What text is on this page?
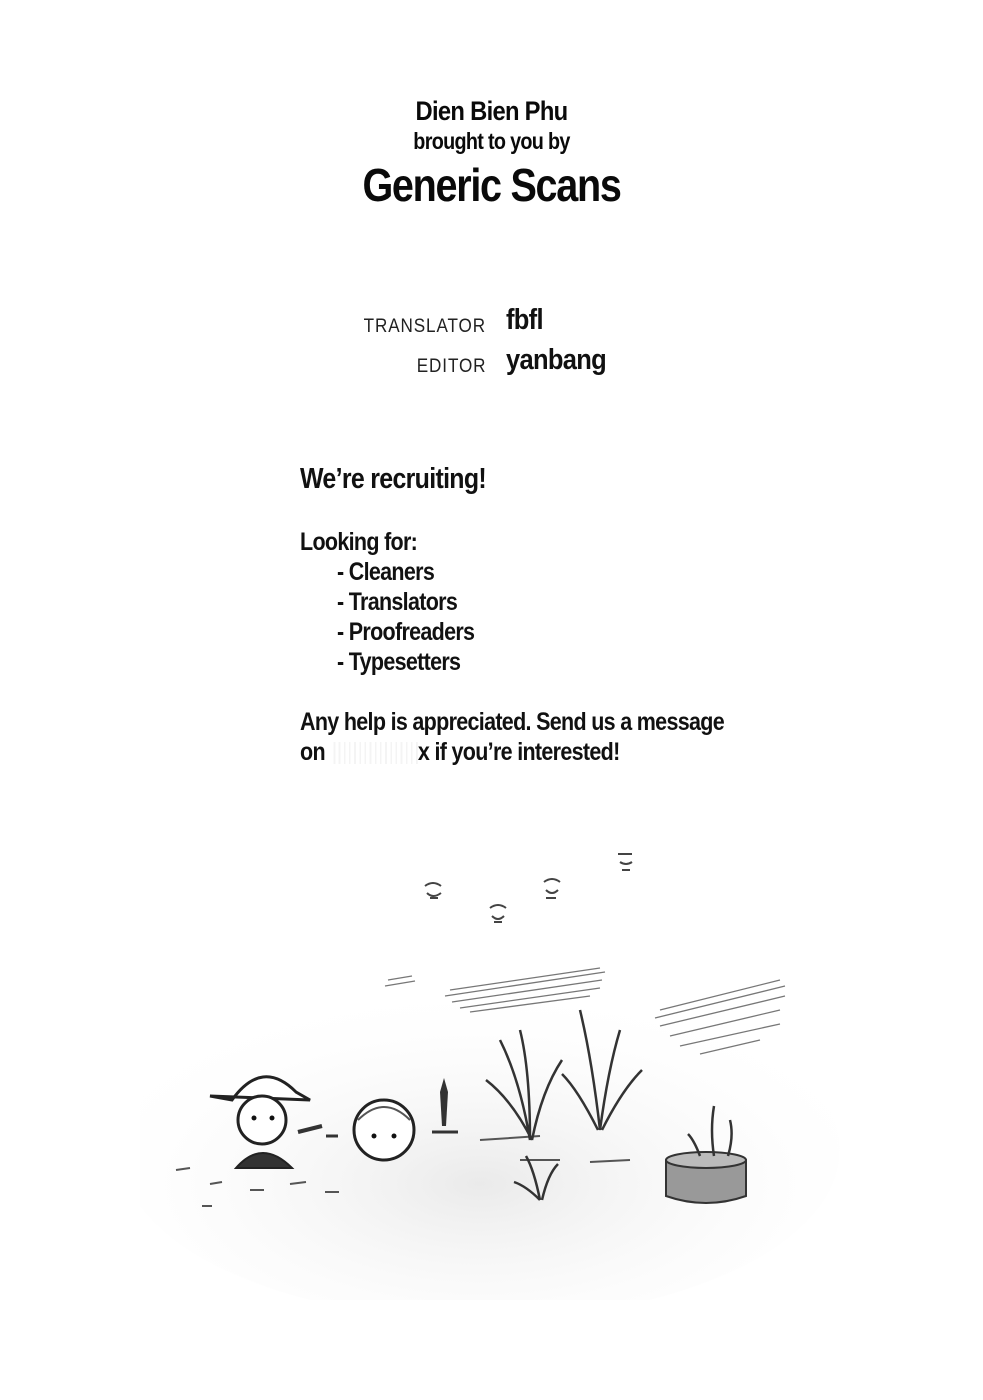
Dien Bien Phu
brought to you by
Generic Scans
TRANSLATOR fbfl
EDITOR yanbang
We’re recruiting!
Looking for:
- Cleaners
- Translators
- Proofreaders
- Typesetters
Any help is appreciated. Send us a message
on	x if you’re interested!
